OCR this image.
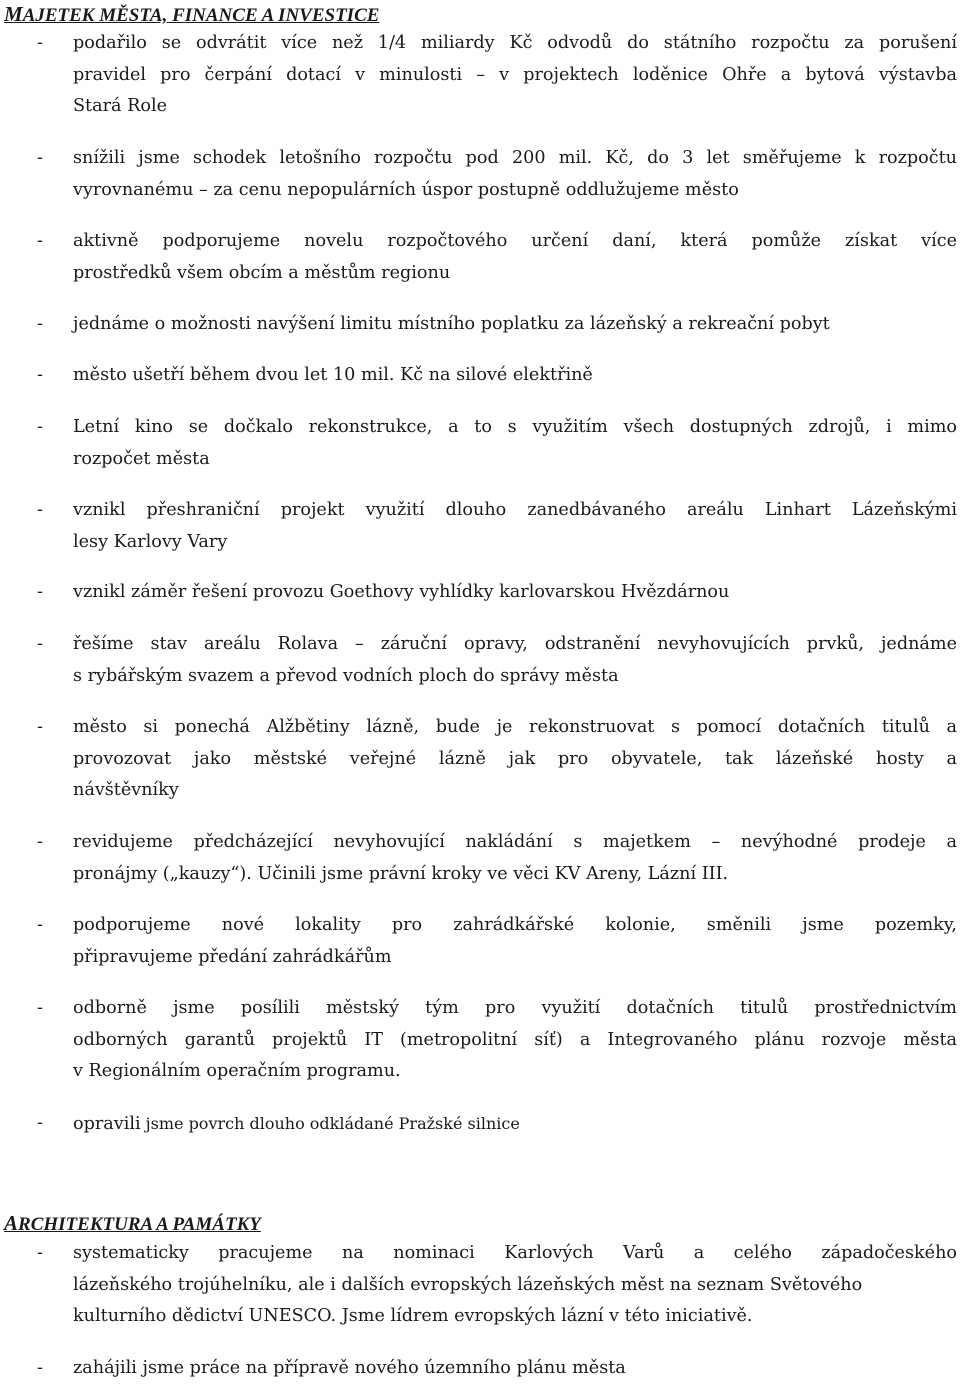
MAJETEK MĚSTA, FINANCE A INVESTICE
- podařilo se odvrátit více než 1/4 miliardy Kč odvodů do státního rozpočtu za porušení
pravidel pro čerpání dotací v minulosti – v projektech loděnice Ohře a bytová výstavba
Stará Role
- snížili jsme schodek letošního rozpočtu pod 200 mil. Kč, do 3 let směřujeme k rozpočtu
vyrovnanému – za cenu nepopulárních úspor postupně oddlužujeme město
- aktivně podporujeme novelu rozpočtového určení daní, která pomůže získat více
prostředků všem obcím a městům regionu
- jednáme o možnosti navýšení limitu místního poplatku za lázeňský a rekreační pobyt
- město ušetří během dvou let 10 mil. Kč na silové elektřině
- Letní kino se dočkalo rekonstrukce, a to s využitím všech dostupných zdrojů, i mimo
rozpočet města
- vznikl přeshraniční projekt využití dlouho zanedbávaného areálu Linhart Lázeňskými
lesy Karlovy Vary
- vznikl záměr řešení provozu Goethovy vyhlídky karlovarskou Hvězdárnou
- řešíme stav areálu Rolava – záruční opravy, odstranění nevyhovujících prvků, jednáme
s rybářským svazem a převod vodních ploch do správy města
- město si ponechá Alžbětiny lázně, bude je rekonstruovat s pomocí dotačních titulů a
provozovat jako městské veřejné lázně jak pro obyvatele, tak lázeňské hosty a
návštěvníky
- revidujeme předcházející nevyhovující nakládání s majetkem – nevýhodné prodeje a
pronájmy („kauzy“). Učinili jsme právní kroky ve věci KV Areny, Lázní III.
- podporujeme nové lokality pro zahrádkářské kolonie, směnili jsme pozemky,
připravujeme předání zahrádkářům
- odborně jsme posílili městský tým pro využití dotačních titulů prostřednictvím
odborných garantů projektů IT (metropolitní síť) a Integrovaného plánu rozvoje města
v Regionálním operačním programu.
- opravili jsme povrch dlouho odkládané Pražské silnice
ARCHITEKTURA A PAMÁTKY
- systematicky pracujeme na nominaci Karlových Varů a celého západočeského
lázeňského trojúhelníku, ale i dalších evropských lázeňských měst na seznam Světového
kulturního dědictví UNESCO. Jsme lídrem evropských lázní v této iniciativě.
- zahájili jsme práce na přípravě nového územního plánu města
